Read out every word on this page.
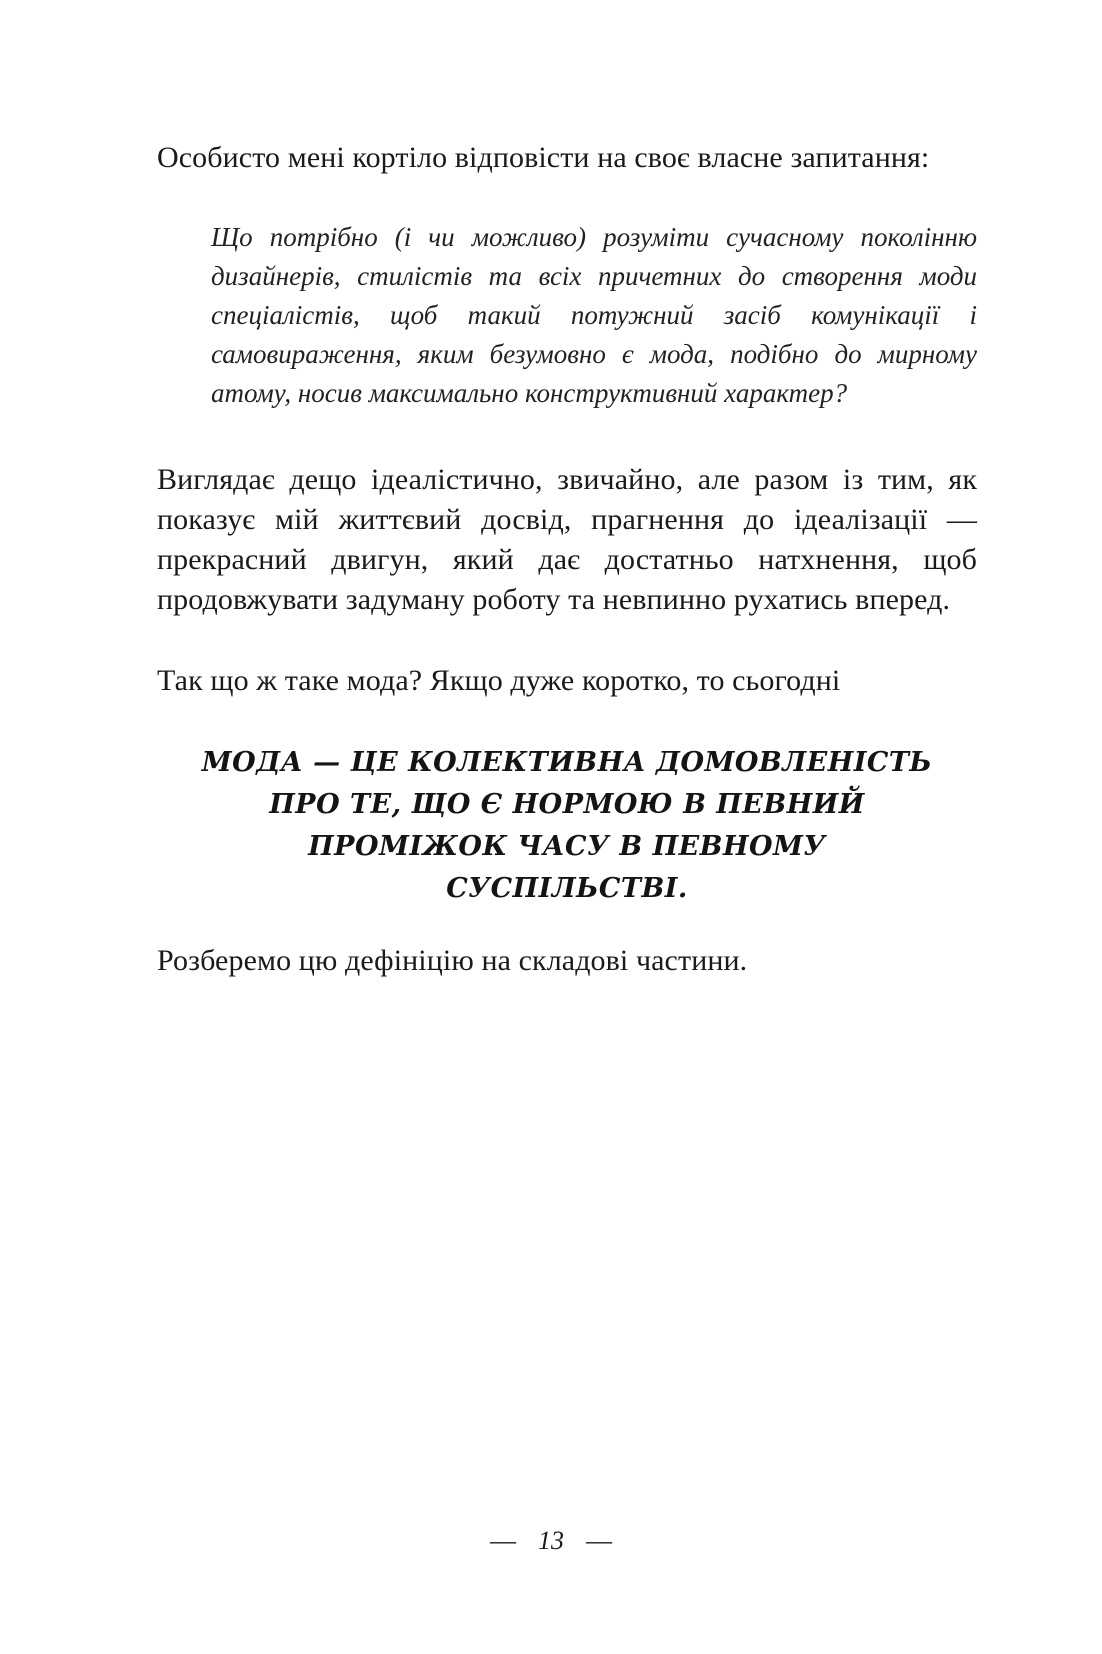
Особисто мені кортіло відповісти на своє власне запитання:

Що потрібно (і чи можливо) розуміти сучасному поколінню дизайнерів, стилістів та всіх причетних до створення моди спеціалістів, щоб такий потужний засіб комунікації і самовираження, яким безумовно є мода, подібно до мирному атому, носив максимально конструктивний характер?

Виглядає дещо ідеалістично, звичайно, але разом із тим, як показує мій життєвий досвід, прагнення до ідеалізації — прекрасний двигун, який дає достатньо натхнення, щоб продовжувати задуману роботу та невпинно рухатись вперед.

Так що ж таке мода? Якщо дуже коротко, то сьогодні

МОДА — ЦЕ КОЛЕКТИВНА ДОМОВЛЕНІСТЬ
ПРО ТЕ, ЩО Є НОРМОЮ В ПЕВНИЙ
ПРОМІЖОК ЧАСУ В ПЕВНОМУ
СУСПІЛЬСТВІ.

Розберемо цю дефініцію на складові частини.

— 13 —
